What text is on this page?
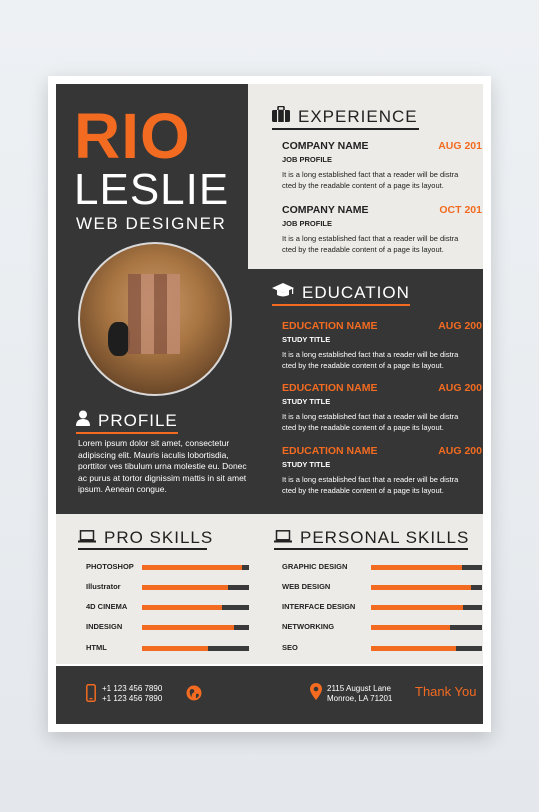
RIO
LESLIE
WEB DESIGNER
PROFILE
Lorem ipsum dolor sit amet, consectetur adipiscing elit. Mauris iaculis lobortisdia, porttitor ves tibulum urna molestie eu. Donec ac purus at tortor dignissim mattis in sit amet ipsum. Aenean congue.
EXPERIENCE
COMPANY NAME	AUG 201
JOB PROFILE
It is a long established fact that a reader will be distra
cted by the readable content of a page its layout.
COMPANY NAME	OCT 201
JOB PROFILE
It is a long established fact that a reader will be distra
cted by the readable content of a page its layout.
EDUCATION
EDUCATION NAME	AUG 200
STUDY TITLE
It is a long established fact that a reader will be distra
cted by the readable content of a page its layout.
EDUCATION NAME	AUG 200
STUDY TITLE
It is a long established fact that a reader will be distra
cted by the readable content of a page its layout.
EDUCATION NAME	AUG 200
STUDY TITLE
It is a long established fact that a reader will be distra
cted by the readable content of a page its layout.
PRO SKILLS
PHOTOSHOP
Illustrator
4D CINEMA
INDESIGN
HTML
PERSONAL SKILLS
GRAPHIC DESIGN
WEB DESIGN
INTERFACE DESIGN
NETWORKING
SEO
+1 123 456 7890
+1 123 456 7890
2115 August Lane
Monroe, LA 71201 Thank You
